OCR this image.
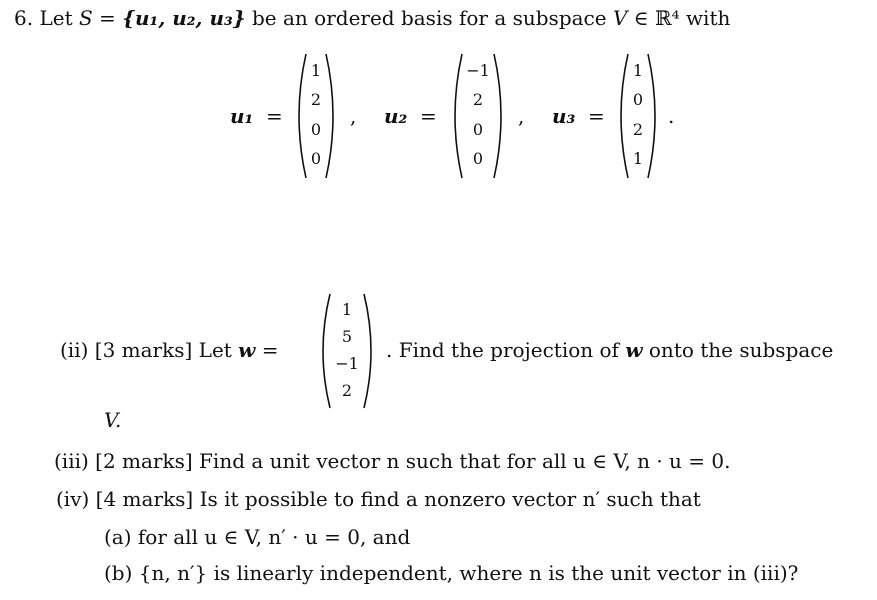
6. Let S = {u₁, u₂, u₃} be an ordered basis for a subspace V ∈ ℝ⁴ with
u₁ =
1
2
0
0
, u₂ =
−1
2
0
0
, u₃ =
1
0
2
1
.
(ii) [3 marks] Let w =
1
5
−1
2
. Find the projection of w onto the subspace
V.
(iii) [2 marks] Find a unit vector n such that for all u ∈ V, n · u = 0.
(iv) [4 marks] Is it possible to find a nonzero vector n′ such that
(a) for all u ∈ V, n′ · u = 0, and
(b) {n, n′} is linearly independent, where n is the unit vector in (iii)?
